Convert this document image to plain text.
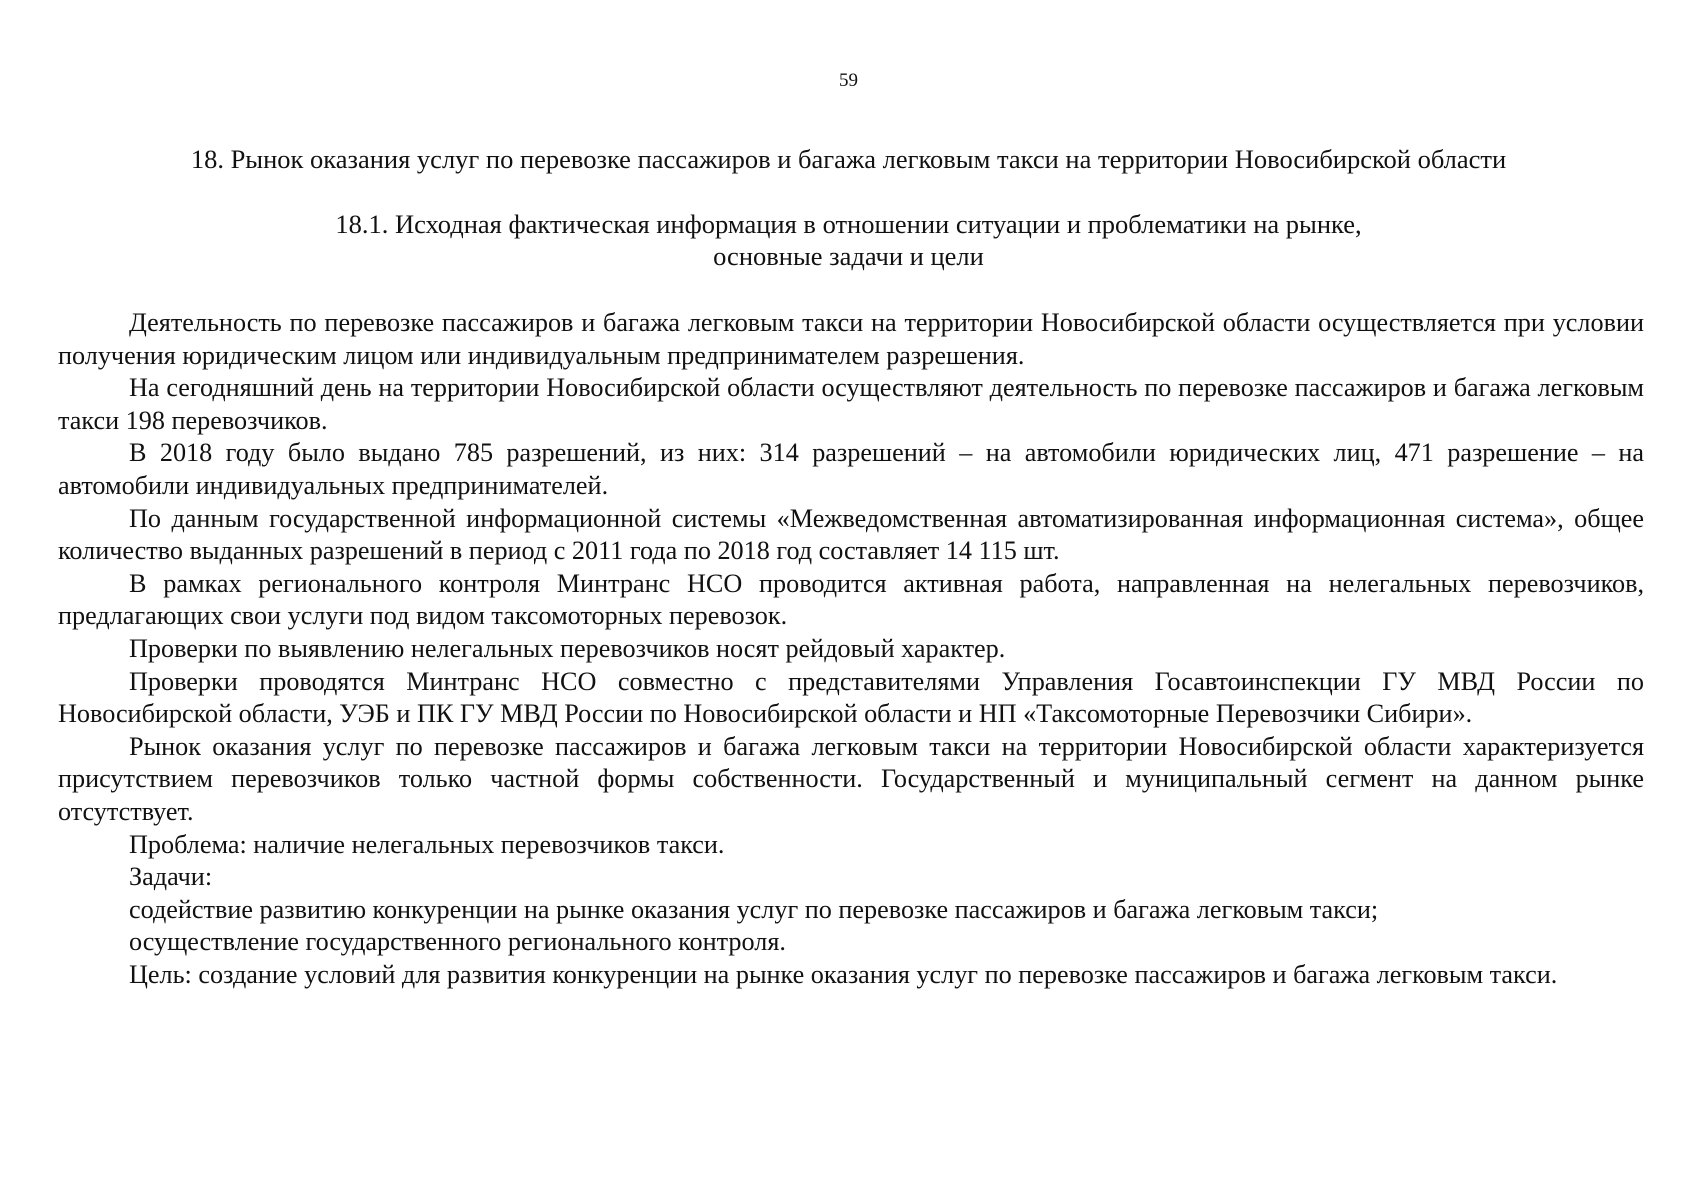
59
18. Рынок оказания услуг по перевозке пассажиров и багажа легковым такси на территории Новосибирской области
18.1. Исходная фактическая информация в отношении ситуации и проблематики на рынке,
основные задачи и цели

Деятельность по перевозке пассажиров и багажа легковым такси на территории Новосибирской области осуществляется при условии получения юридическим лицом или индивидуальным предпринимателем разрешения.

На сегодняшний день на территории Новосибирской области осуществляют деятельность по перевозке пассажиров и багажа легковым такси 198 перевозчиков.

В 2018 году было выдано 785 разрешений, из них: 314 разрешений – на автомобили юридических лиц, 471 разрешение – на автомобили индивидуальных предпринимателей.

По данным государственной информационной системы «Межведомственная автоматизированная информационная система», общее количество выданных разрешений в период с 2011 года по 2018 год составляет 14 115 шт.

В рамках регионального контроля Минтранс НСО проводится активная работа, направленная на нелегальных перевозчиков, предлагающих свои услуги под видом таксомоторных перевозок.

Проверки по выявлению нелегальных перевозчиков носят рейдовый характер.

Проверки проводятся Минтранс НСО совместно с представителями Управления Госавтоинспекции ГУ МВД России по Новосибирской области, УЭБ и ПК ГУ МВД России по Новосибирской области и НП «Таксомоторные Перевозчики Сибири».

Рынок оказания услуг по перевозке пассажиров и багажа легковым такси на территории Новосибирской области характеризуется присутствием перевозчиков только частной формы собственности. Государственный и муниципальный сегмент на данном рынке отсутствует.

Проблема: наличие нелегальных перевозчиков такси.

Задачи:

содействие развитию конкуренции на рынке оказания услуг по перевозке пассажиров и багажа легковым такси;

осуществление государственного регионального контроля.

Цель: создание условий для развития конкуренции на рынке оказания услуг по перевозке пассажиров и багажа легковым такси.
